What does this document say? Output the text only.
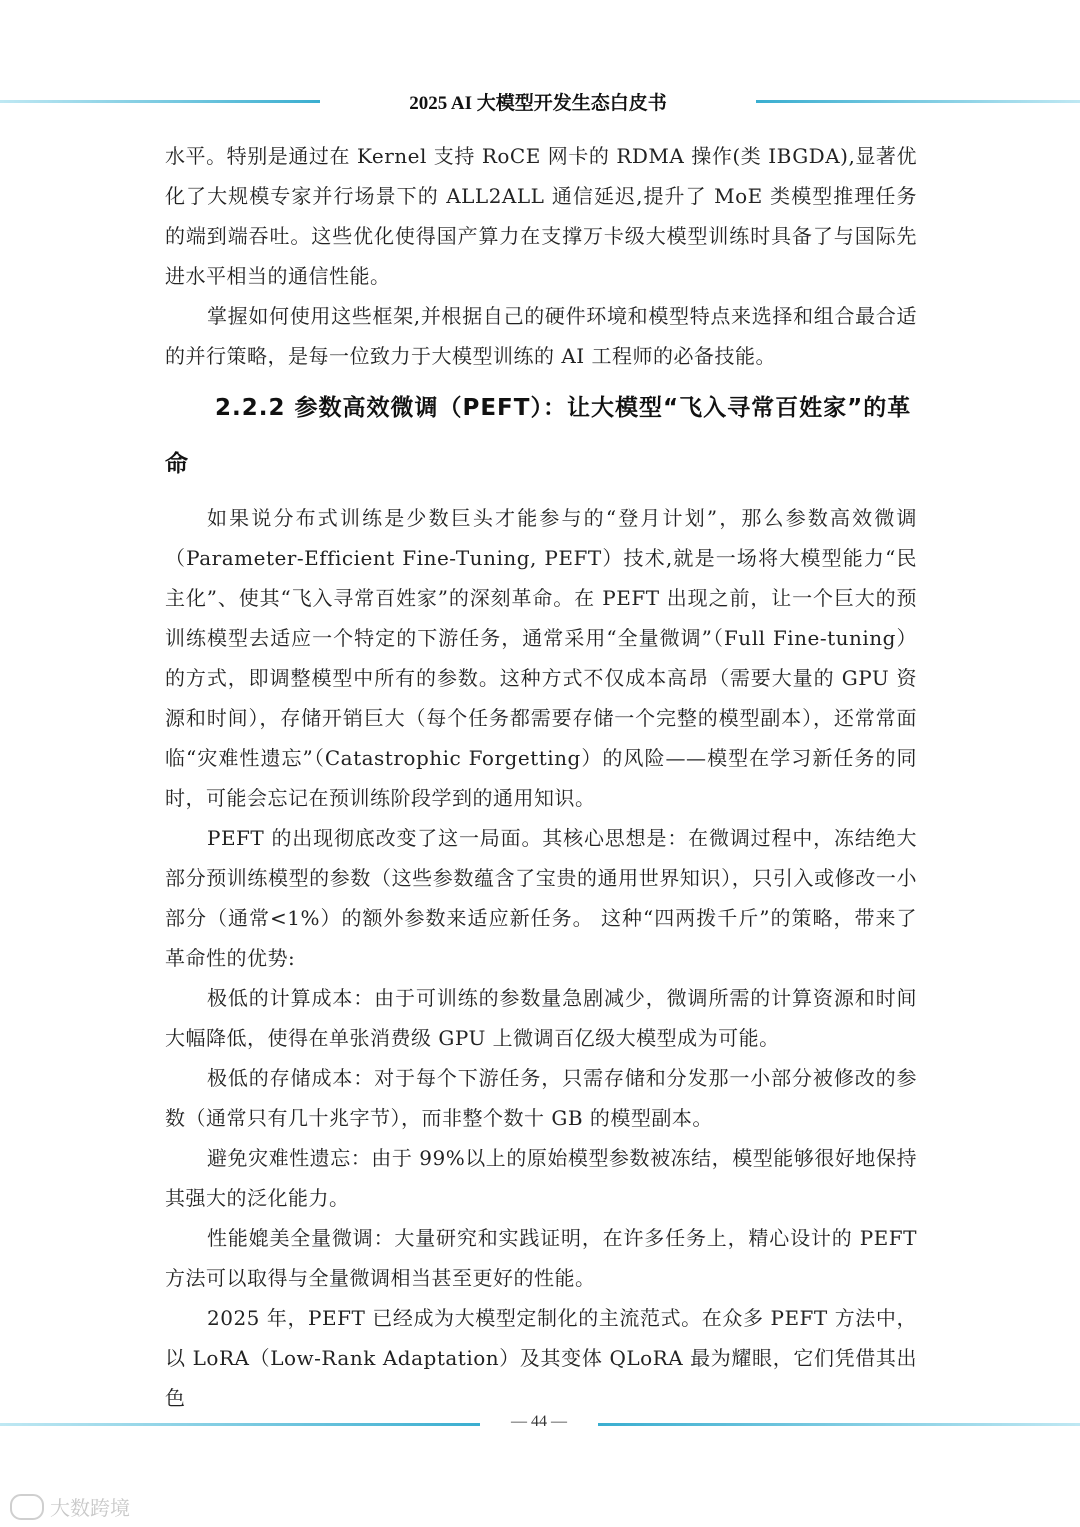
2025 AI 大模型开发生态白皮书

水平。特别是通过在 Kernel 支持 RoCE 网卡的 RDMA 操作(类 IBGDA),显著优化了大规模专家并行场景下的 ALL2ALL 通信延迟,提升了 MoE 类模型推理任务的端到端吞吐。这些优化使得国产算力在支撑万卡级大模型训练时具备了与国际先进水平相当的通信性能。

掌握如何使用这些框架,并根据自己的硬件环境和模型特点来选择和组合最合适的并行策略，是每一位致力于大模型训练的 AI 工程师的必备技能。

2.2.2 参数高效微调（PEFT）：让大模型“飞入寻常百姓家”的革命

如果说分布式训练是少数巨头才能参与的“登月计划”，那么参数高效微调（Parameter-Efficient Fine-Tuning, PEFT）技术,就是一场将大模型能力“民主化”、使其“飞入寻常百姓家”的深刻革命。在 PEFT 出现之前，让一个巨大的预训练模型去适应一个特定的下游任务，通常采用“全量微调”（Full Fine-tuning）的方式，即调整模型中所有的参数。这种方式不仅成本高昂（需要大量的 GPU 资源和时间），存储开销巨大（每个任务都需要存储一个完整的模型副本），还常常面临“灾难性遗忘”（Catastrophic Forgetting）的风险——模型在学习新任务的同时，可能会忘记在预训练阶段学到的通用知识。

PEFT 的出现彻底改变了这一局面。其核心思想是：在微调过程中，冻结绝大部分预训练模型的参数（这些参数蕴含了宝贵的通用世界知识），只引入或修改一小部分（通常<1%）的额外参数来适应新任务。 这种“四两拨千斤”的策略，带来了革命性的优势:

极低的计算成本：由于可训练的参数量急剧减少，微调所需的计算资源和时间大幅降低，使得在单张消费级 GPU 上微调百亿级大模型成为可能。

极低的存储成本：对于每个下游任务，只需存储和分发那一小部分被修改的参数（通常只有几十兆字节），而非整个数十 GB 的模型副本。

避免灾难性遗忘：由于 99%以上的原始模型参数被冻结，模型能够很好地保持其强大的泛化能力。

性能媲美全量微调：大量研究和实践证明，在许多任务上，精心设计的 PEFT 方法可以取得与全量微调相当甚至更好的性能。

2025 年，PEFT 已经成为大模型定制化的主流范式。在众多 PEFT 方法中，以 LoRA（Low-Rank Adaptation）及其变体 QLoRA 最为耀眼，它们凭借其出色

— 44 —
大数跨境
